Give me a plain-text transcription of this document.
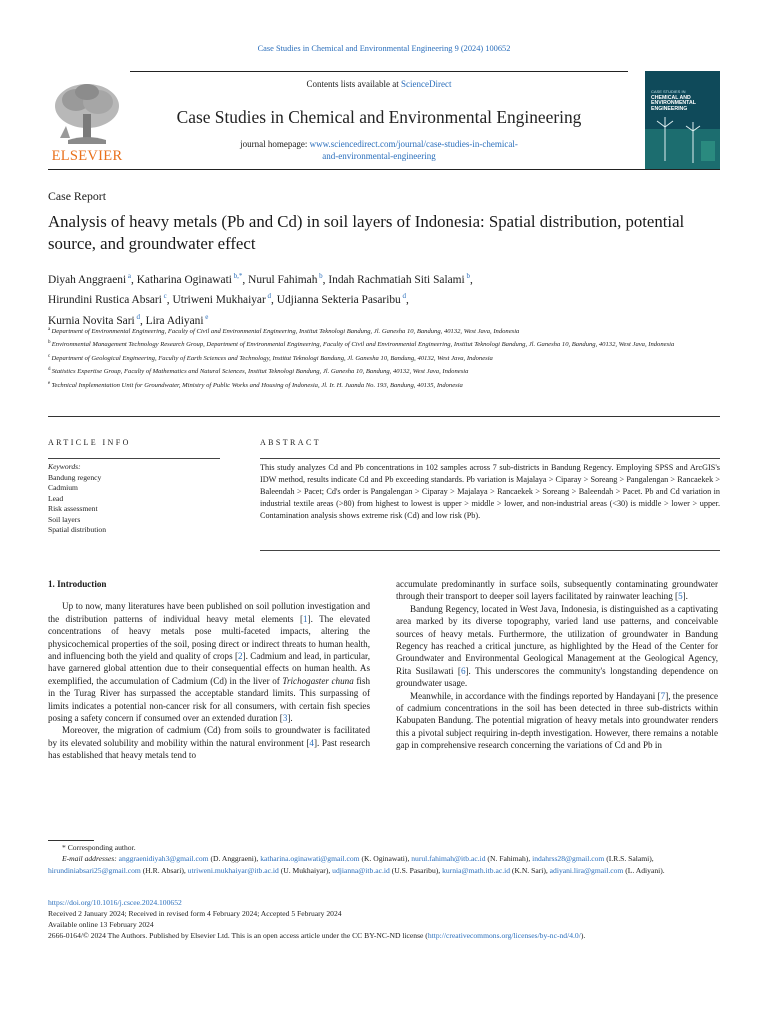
Case Studies in Chemical and Environmental Engineering 9 (2024) 100652
ELSEVIER
Contents lists available at ScienceDirect
Case Studies in Chemical and Environmental Engineering
journal homepage: www.sciencedirect.com/journal/case-studies-in-chemical-
and-environmental-engineering
CASE STUDIES IN
CHEMICAL AND
ENVIRONMENTAL
ENGINEERING
Case Report
Analysis of heavy metals (Pb and Cd) in soil layers of Indonesia: Spatial distribution, potential source, and groundwater effect
Diyah Anggraeni $^a$, Katharina Oginawati $^{b,*}$, Nurul Fahimah $^b$, Indah Rachmatiah Siti Salami $^b$,
Hirundini Rustica Absari $^c$, Utriweni Mukhaiyar $^d$, Udjianna Sekteria Pasaribu $^d$,
Kurnia Novita Sari $^d$, Lira Adiyani $^e$
$^a$ Department of Environmental Engineering, Faculty of Civil and Environmental Engineering, Institut Teknologi Bandung, Jl. Ganesha 10, Bandung, 40132, West Java, Indonesia
$^b$ Environmental Management Technology Research Group, Department of Environmental Engineering, Faculty of Civil and Environmental Engineering, Institut Teknologi Bandung, Jl. Ganesha 10, Bandung, 40132, West Java, Indonesia
$^c$ Department of Geological Engineering, Faculty of Earth Sciences and Technology, Institut Teknologi Bandung, Jl. Ganesha 10, Bandung, 40132, West Java, Indonesia
$^d$ Statistics Expertise Group, Faculty of Mathematics and Natural Sciences, Institut Teknologi Bandung, Jl. Ganesha 10, Bandung, 40132, West Java, Indonesia
$^e$ Technical Implementation Unit for Groundwater, Ministry of Public Works and Housing of Indonesia, Jl. Ir. H. Juanda No. 193, Bandung, 40135, Indonesia
ARTICLE INFO	ABSTRACT
Keywords:
Bandung regency
Cadmium
Lead
Risk assessment
Soil layers
Spatial distribution
This study analyzes Cd and Pb concentrations in 102 samples across 7 sub-districts in Bandung Regency. Employing SPSS and ArcGIS's IDW method, results indicate Cd and Pb exceeding standards. Pb variation is Majalaya > Ciparay > Soreang > Pangalengan > Rancaekek > Baleendah > Pacet; Cd's order is Pangalengan > Ciparay > Majalaya > Rancaekek > Soreang > Baleendah > Pacet. Pb and Cd variation in industrial textile areas (>80) from highest to lowest is upper > middle > lower, and non-industrial areas (<30) is middle > lower > upper. Contamination analysis shows extreme risk (Cd) and low risk (Pb).

1. Introduction

Up to now, many literatures have been published on soil pollution investigation and the distribution patterns of individual heavy metal elements [1]. The elevated concentrations of heavy metals pose multi-faceted impacts, altering the physicochemical properties of the soil, posing direct or indirect threats to human health, and influencing both the yield and quality of crops [2]. Cadmium and lead, in particular, have garnered global attention due to their consequential effects on human health. As exemplified, the accumulation of Cadmium (Cd) in the liver of Trichogaster chuna fish in the Turag River has surpassed the acceptable standard limits. This surpassing of limits indicates a potential non-cancer risk for all consumers, with certain fish species posing a safety concern if consumed over an extended duration [3].

Moreover, the migration of cadmium (Cd) from soils to groundwater is facilitated by its elevated solubility and mobility within the natural environment [4]. Past research has established that heavy metals tend to

accumulate predominantly in surface soils, subsequently contaminating groundwater through their transport to deeper soil layers facilitated by rainwater leaching [5].

Bandung Regency, located in West Java, Indonesia, is distinguished as a captivating area marked by its diverse topography, varied land use patterns, and conceivable sources of heavy metals. Furthermore, the utilization of groundwater in Bandung Regency has reached a critical juncture, as highlighted by the Head of the Center for Groundwater and Environmental Geological Management at the Geological Agency, Rita Susilawati [6]. This underscores the community's longstanding dependence on groundwater usage.

Meanwhile, in accordance with the findings reported by Handayani [7], the presence of cadmium concentrations in the soil has been detected in three sub-districts within Kabupaten Bandung. The potential migration of heavy metals into groundwater renders this a pivotal subject requiring in-depth investigation. However, there remains a notable gap in comprehensive research concerning the variations of Cd and Pb in

* Corresponding author.
E-mail addresses: anggraenidiyah3@gmail.com (D. Anggraeni), katharina.oginawati@gmail.com (K. Oginawati), nurul.fahimah@itb.ac.id (N. Fahimah), indahrss28@gmail.com (I.R.S. Salami), hirundiniabsari25@gmail.com (H.R. Absari), utriweni.mukhaiyar@itb.ac.id (U. Mukhaiyar), udjianna@itb.ac.id (U.S. Pasaribu), kurnia@math.itb.ac.id (K.N. Sari), adiyani.lira@gmail.com (L. Adiyani).
https://doi.org/10.1016/j.cscee.2024.100652
Received 2 January 2024; Received in revised form 4 February 2024; Accepted 5 February 2024
Available online 13 February 2024
2666-0164/© 2024 The Authors. Published by Elsevier Ltd. This is an open access article under the CC BY-NC-ND license (http://creativecommons.org/licenses/by-nc-nd/4.0/).
